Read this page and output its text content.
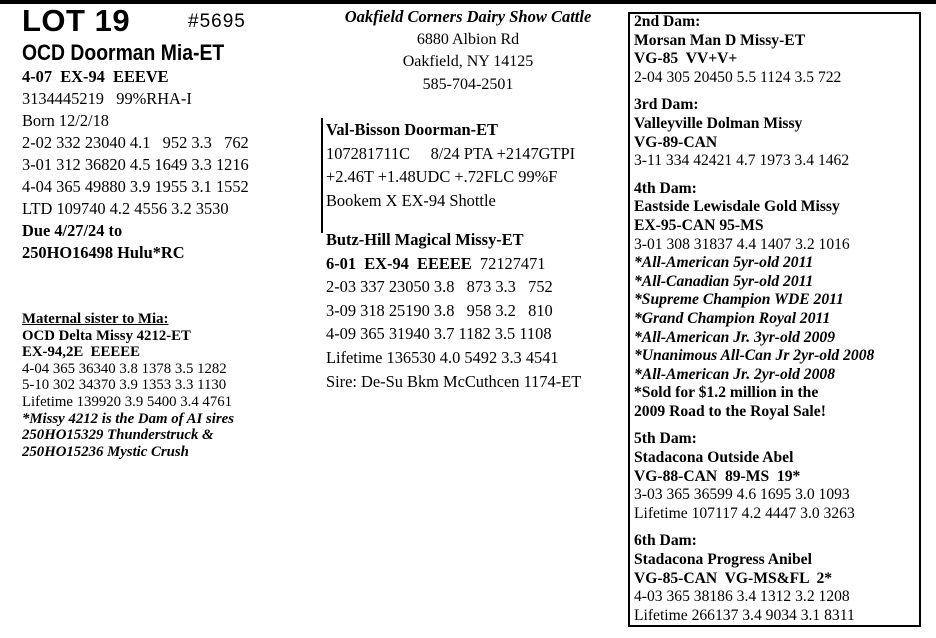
LOT 19	#5695
OCD Doorman Mia-ET
4-07  EX-94  EEEVE
3134445219   99%RHA-I
Born 12/2/18
2-02 332 23040 4.1   952 3.3   762
3-01 312 36820 4.5 1649 3.3 1216
4-04 365 49880 3.9 1955 3.1 1552
LTD 109740 4.2 4556 3.2 3530
Due 4/27/24 to
250HO16498 Hulu*RC
Maternal sister to Mia:
OCD Delta Missy 4212-ET
EX-94,2E  EEEEE
4-04 365 36340 3.8 1378 3.5 1282
5-10 302 34370 3.9 1353 3.3 1130
Lifetime 139920 3.9 5400 3.4 4761
*Missy 4212 is the Dam of AI sires
250HO15329 Thunderstruck &
250HO15236 Mystic Crush
Oakfield Corners Dairy Show Cattle
6880 Albion Rd
Oakfield, NY 14125
585-704-2501
Val-Bisson Doorman-ET
107281711C     8/24 PTA +2147GTPI
+2.46T +1.48UDC +.72FLC 99%F
Bookem X EX-94 Shottle
Butz-Hill Magical Missy-ET
6-01  EX-94  EEEEE 72127471
2-03 337 23050 3.8   873 3.3   752
3-09 318 25190 3.8   958 3.2   810
4-09 365 31940 3.7 1182 3.5 1108
Lifetime 136530 4.0 5492 3.3 4541
Sire: De-Su Bkm McCuthcen 1174-ET
2nd Dam:
Morsan Man D Missy-ET
VG-85  VV+V+
2-04 305 20450 5.5 1124 3.5 722
3rd Dam:
Valleyville Dolman Missy
VG-89-CAN
3-11 334 42421 4.7 1973 3.4 1462
4th Dam:
Eastside Lewisdale Gold Missy
EX-95-CAN 95-MS
3-01 308 31837 4.4 1407 3.2 1016
*All-American 5yr-old 2011
*All-Canadian 5yr-old 2011
*Supreme Champion WDE 2011
*Grand Champion Royal 2011
*All-American Jr. 3yr-old 2009
*Unanimous All-Can Jr 2yr-old 2008
*All-American Jr. 2yr-old 2008
*Sold for $1.2 million in the
2009 Road to the Royal Sale!
5th Dam:
Stadacona Outside Abel
VG-88-CAN  89-MS  19*
3-03 365 36599 4.6 1695 3.0 1093
Lifetime 107117 4.2 4447 3.0 3263
6th Dam:
Stadacona Progress Anibel
VG-85-CAN  VG-MS&FL  2*
4-03 365 38186 3.4 1312 3.2 1208
Lifetime 266137 3.4 9034 3.1 8311
